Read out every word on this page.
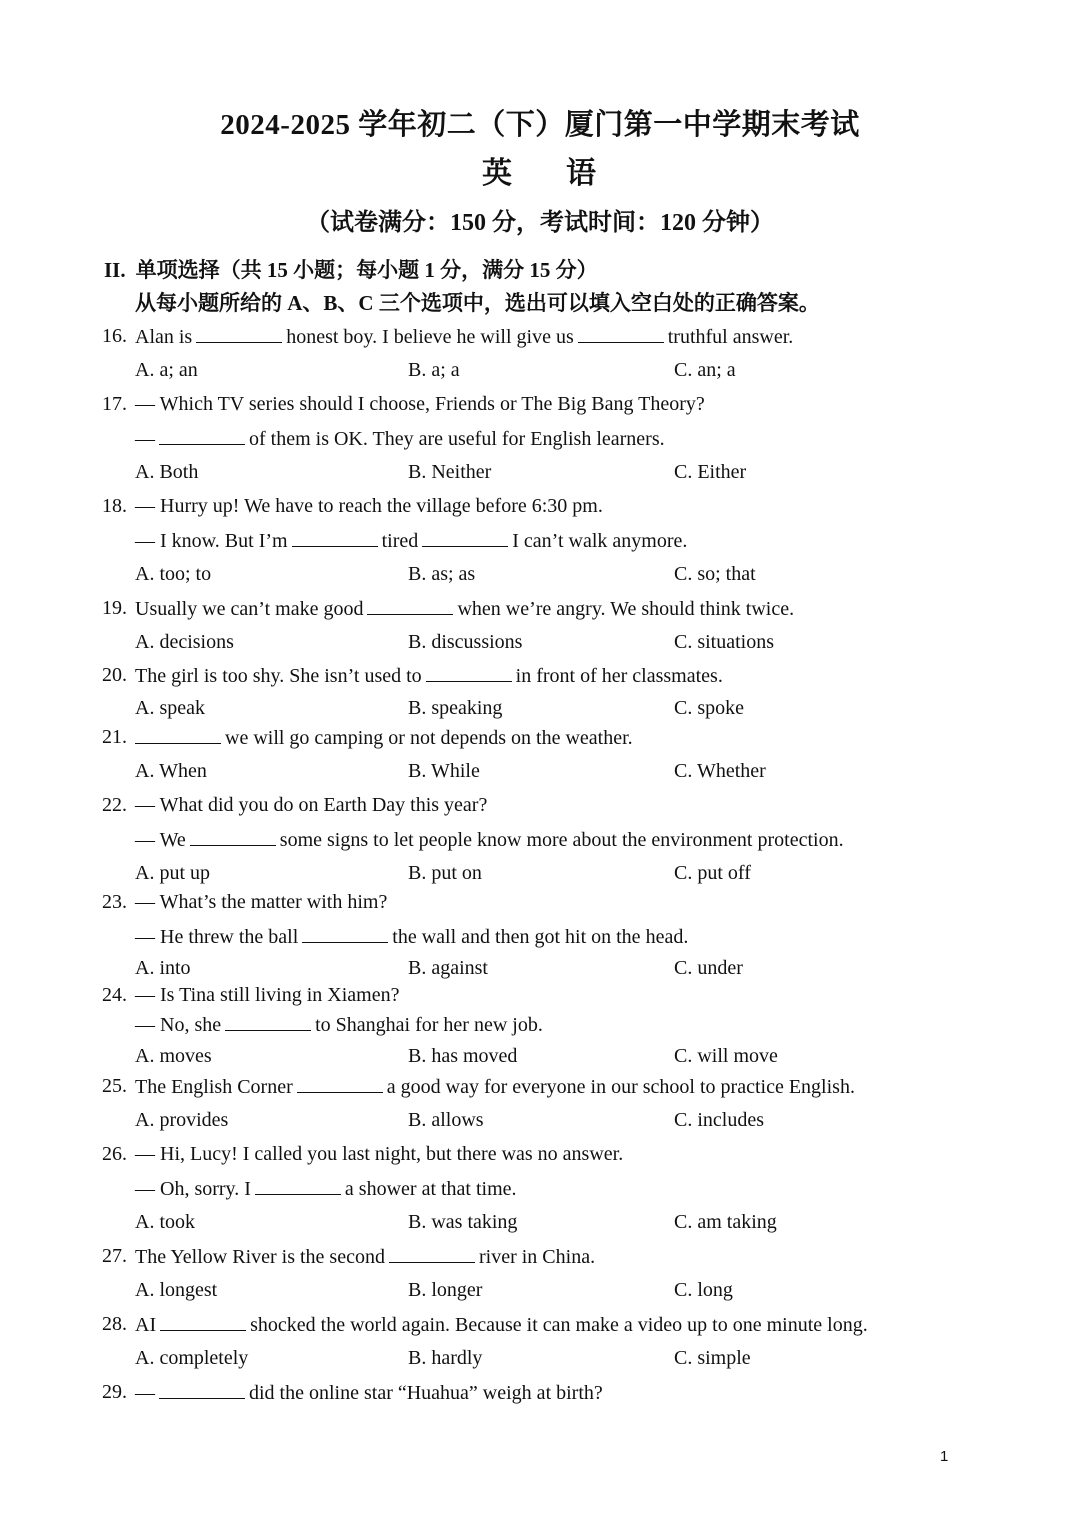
2024-2025 学年初二（下）厦门第一中学期末考试
英 语
（试卷满分：150 分，考试时间：120 分钟）
II. 单项选择（共 15 小题；每小题 1 分，满分 15 分）
从每小题所给的 A、B、C 三个选项中，选出可以填入空白处的正确答案。
16. Alan is	honest boy. I believe he will give us	truthful answer.
A. a; an	B. a; a	C. an; a
17. — Which TV series should I choose, Friends or The Big Bang Theory?
—	of them is OK. They are useful for English learners.
A. Both	B. Neither	C. Either
18. — Hurry up! We have to reach the village before 6:30 pm.
— I know. But I’m	tired	I can’t walk anymore.
A. too; to	B. as; as	C. so; that
19. Usually we can’t make good	when we’re angry. We should think twice.
A. decisions	B. discussions	C. situations
20. The girl is too shy. She isn’t used to	in front of her classmates.
A. speak	B. speaking	C. spoke
21.	we will go camping or not depends on the weather.
A. When	B. While	C. Whether
22. — What did you do on Earth Day this year?
— We	some signs to let people know more about the environment protection.
A. put up	B. put on	C. put off
23. — What’s the matter with him?
— He threw the ball	the wall and then got hit on the head.
A. into	B. against	C. under
24. — Is Tina still living in Xiamen?
— No, she	to Shanghai for her new job.
A. moves	B. has moved	C. will move
25. The English Corner	a good way for everyone in our school to practice English.
A. provides	B. allows	C. includes
26. — Hi, Lucy! I called you last night, but there was no answer.
— Oh, sorry. I	a shower at that time.
A. took	B. was taking	C. am taking
27. The Yellow River is the second	river in China.
A. longest	B. longer	C. long
28. AI	shocked the world again. Because it can make a video up to one minute long.
A. completely	B. hardly	C. simple
29. —	did the online star “Huahua” weigh at birth?
1
